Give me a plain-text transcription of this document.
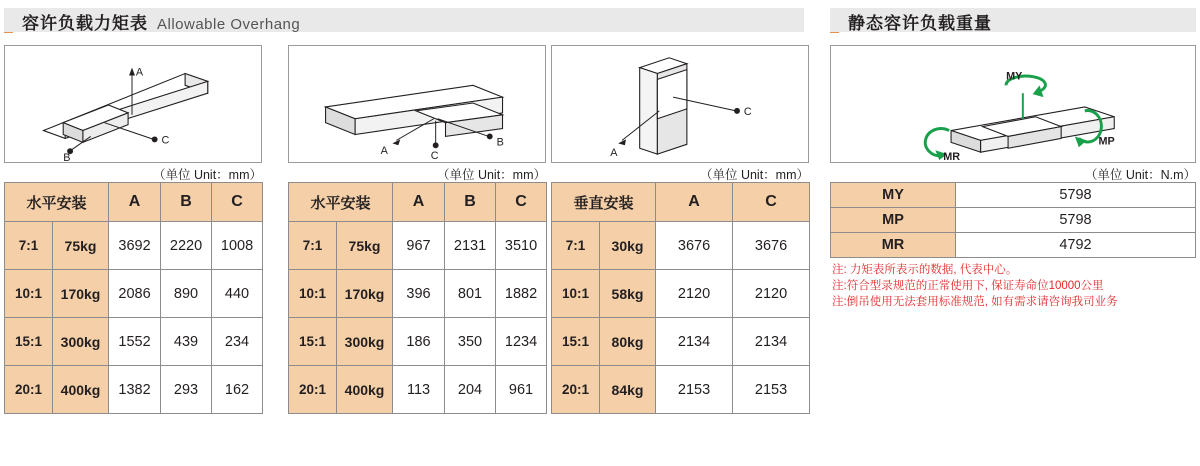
容许负载力矩表 Allowable Overhang	静态容许负载重量
A
C
B
（单位 Unit：mm）
A
B
C
（单位 Unit：mm）
A
C
（单位 Unit：mm）
MY
MP
MR
（单位 Unit：N.m）
水平安装		A	B	C
7:1	75kg	3692	2220	1008
10:1	170kg	2086	890	440
15:1	300kg	1552	439	234
20:1	400kg	1382	293	162
水平安装		A	B	C
7:1	75kg	967	2131	3510
10:1	170kg	396	801	1882
15:1	300kg	186	350	1234
20:1	400kg	113	204	961
垂直安装		A	C
7:1	30kg	3676	3676
10:1	58kg	2120	2120
15:1	80kg	2134	2134
20:1	84kg	2153	2153
MY	5798
MP	5798
MR	4792
注: 力矩表所表示的数据, 代表中心。
注:符合型录规范的正常使用下, 保证寿命位10000公里
注:倒吊使用无法套用标准规范, 如有需求请咨询我司业务
